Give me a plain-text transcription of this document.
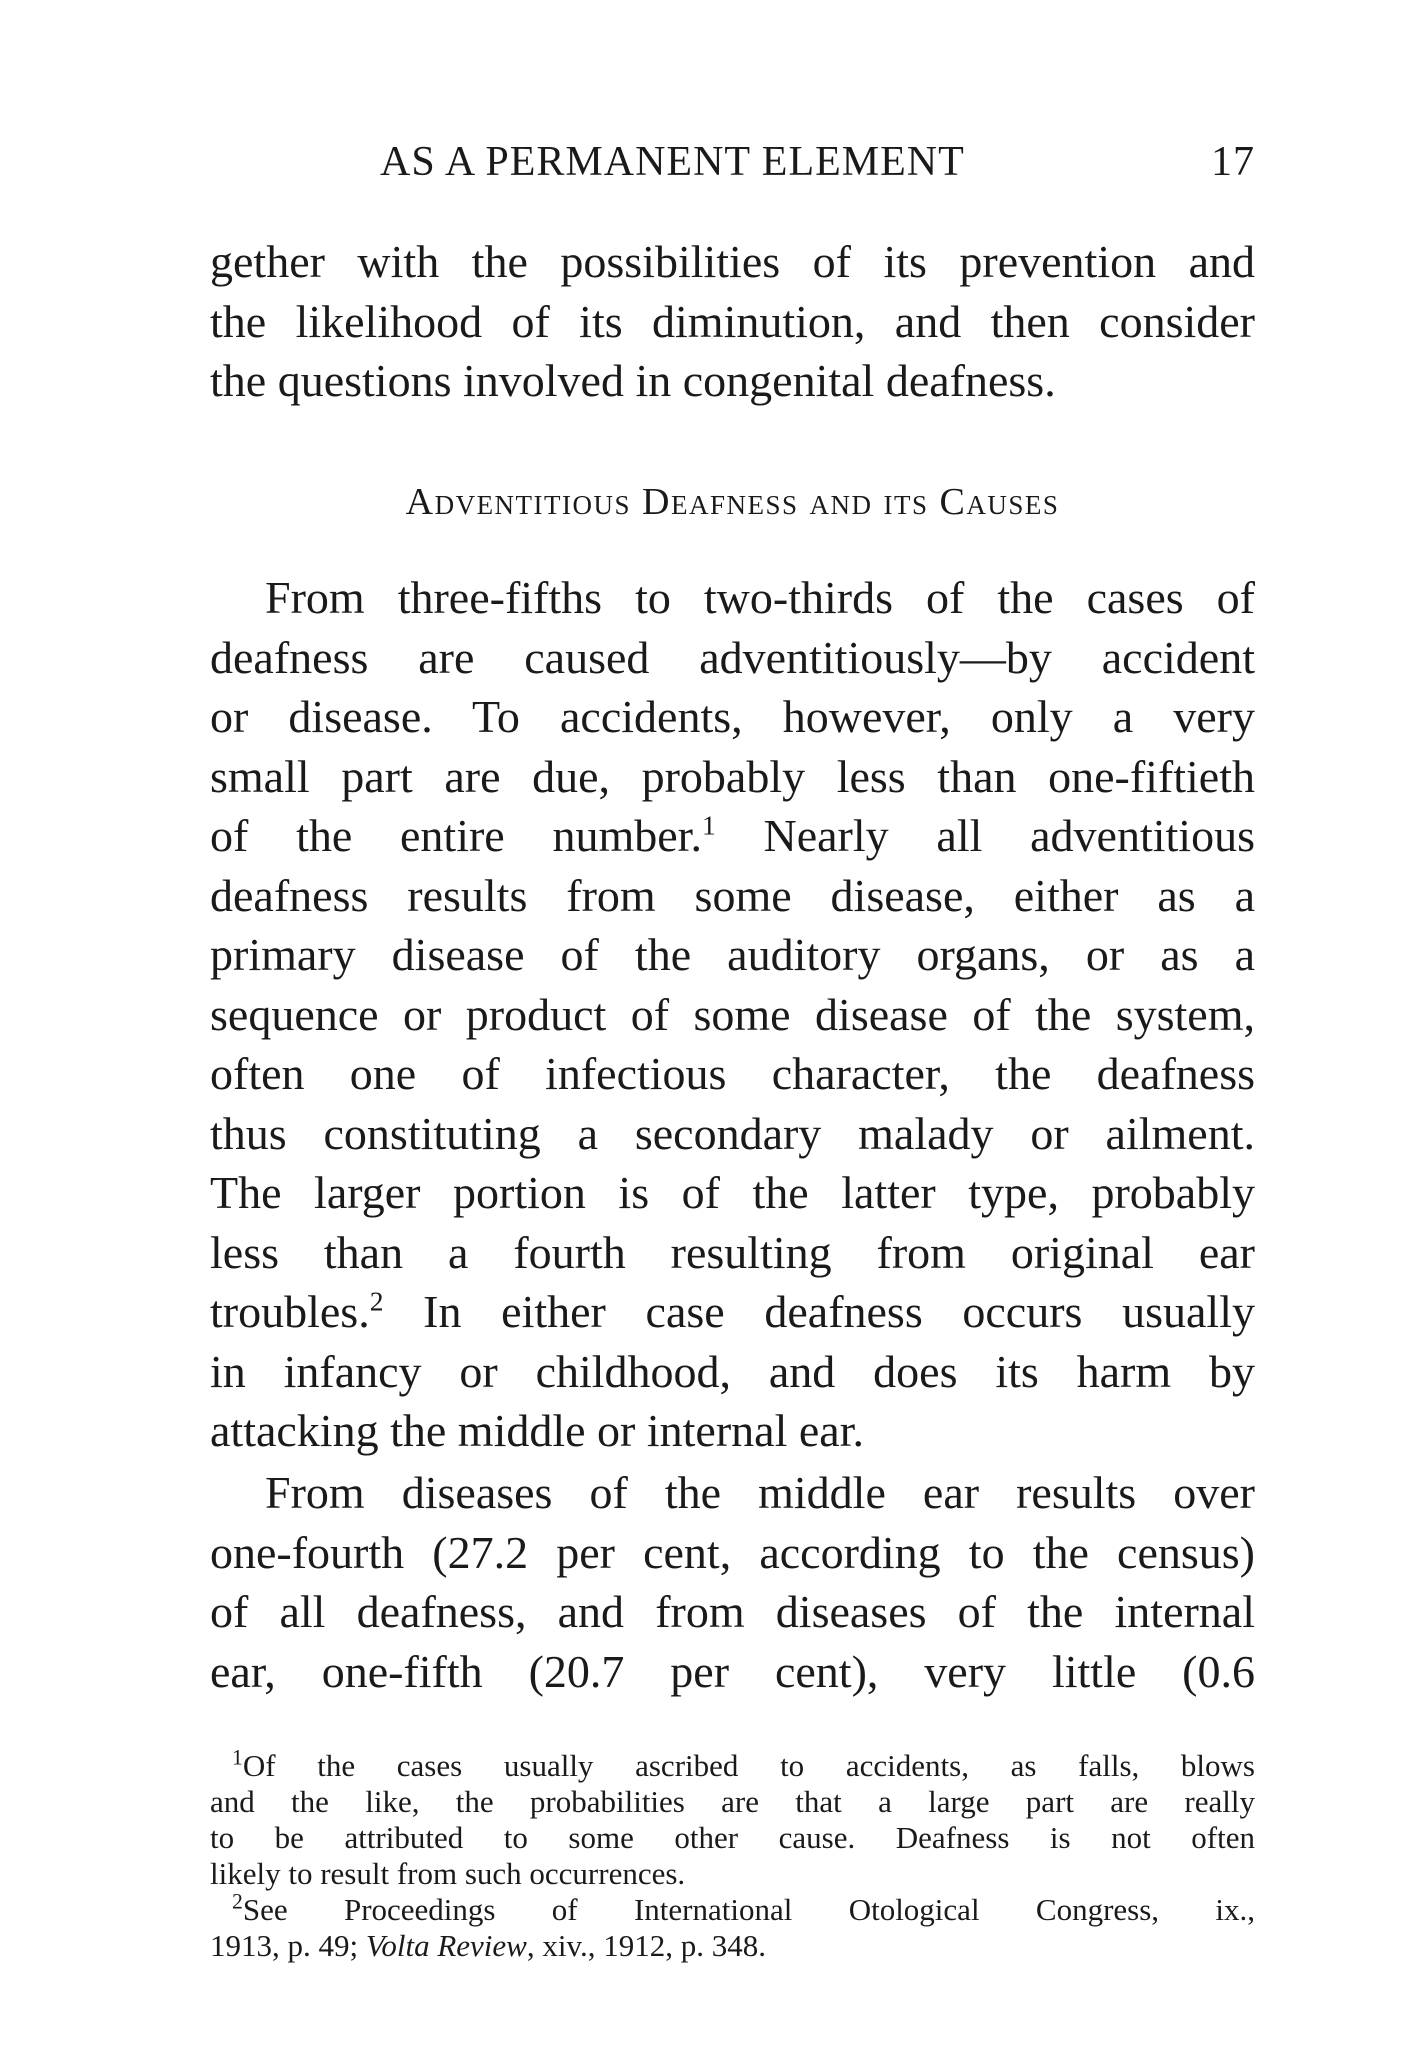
AS A PERMANENT ELEMENT	17
gether with the possibilities of its prevention and
the likelihood of its diminution, and then consider
the questions involved in congenital deafness.
Adventitious Deafness and its Causes
From three-fifths to two-thirds of the cases of
deafness are caused adventitiously—by accident
or disease. To accidents, however, only a very
small part are due, probably less than one-fiftieth
of the entire number.$^1$ Nearly all adventitious
deafness results from some disease, either as a
primary disease of the auditory organs, or as a
sequence or product of some disease of the system,
often one of infectious character, the deafness
thus constituting a secondary malady or ailment.
The larger portion is of the latter type, probably
less than a fourth resulting from original ear
troubles.$^2$ In either case deafness occurs usually
in infancy or childhood, and does its harm by
attacking the middle or internal ear.
From diseases of the middle ear results over
one-fourth (27.2 per cent, according to the census)
of all deafness, and from diseases of the internal
ear, one-fifth (20.7 per cent), very little (0.6
$^1$Of the cases usually ascribed to accidents, as falls, blows
and the like, the probabilities are that a large part are really
to be attributed to some other cause. Deafness is not often
likely to result from such occurrences.
$^2$See Proceedings of International Otological Congress, ix.,
1913, p. 49; Volta Review, xiv., 1912, p. 348.
